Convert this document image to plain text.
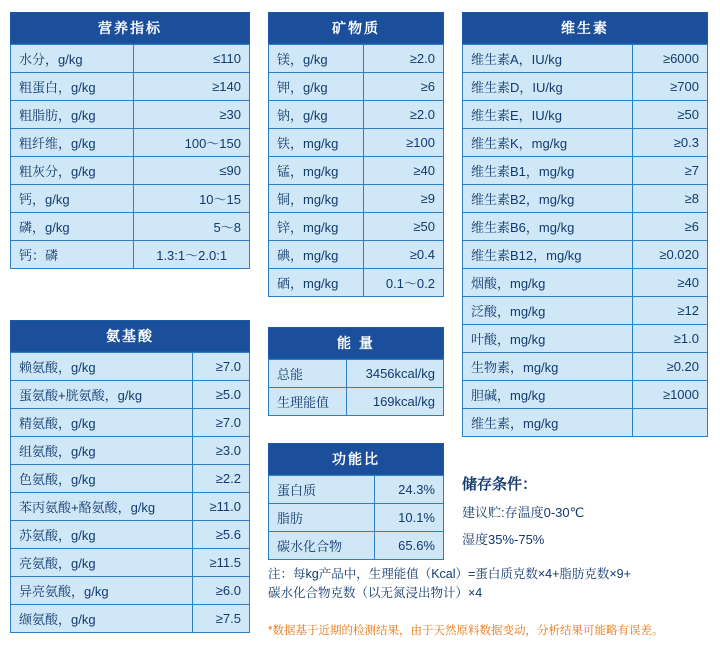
营养指标
水分，g/kg	≤110
粗蛋白，g/kg	≥140
粗脂肪，g/kg	≥30
粗纤维，g/kg	100～150
粗灰分，g/kg	≤90
钙，g/kg	10～15
磷，g/kg	5～8
钙：磷	1.3:1～2.0:1
氨基酸
赖氨酸，g/kg	≥7.0
蛋氨酸+胱氨酸，g/kg	≥5.0
精氨酸，g/kg	≥7.0
组氨酸，g/kg	≥3.0
色氨酸，g/kg	≥2.2
苯丙氨酸+酪氨酸，g/kg	≥11.0
苏氨酸，g/kg	≥5.6
亮氨酸，g/kg	≥11.5
异亮氨酸，g/kg	≥6.0
缬氨酸，g/kg	≥7.5
矿物质
镁，g/kg	≥2.0
钾，g/kg	≥6
钠，g/kg	≥2.0
铁，mg/kg	≥100
锰，mg/kg	≥40
铜，mg/kg	≥9
锌，mg/kg	≥50
碘，mg/kg	≥0.4
硒，mg/kg	0.1～0.2
能 量
总能	3456kcal/kg
生理能值	169kcal/kg
功能比
蛋白质	24.3%
脂肪	10.1%
碳水化合物	65.6%
维生素
维生素A，IU/kg	≥6000
维生素D，IU/kg	≥700
维生素E，IU/kg	≥50
维生素K，mg/kg	≥0.3
维生素B1，mg/kg	≥7
维生素B2，mg/kg	≥8
维生素B6，mg/kg	≥6
维生素B12，mg/kg	≥0.020
烟酸，mg/kg	≥40
泛酸，mg/kg	≥12
叶酸，mg/kg	≥1.0
生物素，mg/kg	≥0.20
胆碱，mg/kg	≥1000
维生素，mg/kg	
储存条件：
建议贮:存温度0-30℃
湿度35%-75%
注：每kg产品中，生理能值（Kcal）=蛋白质克数×4+脂肪克数×9+
碳水化合物克数（以无氮浸出物计）×4
*数据基于近期的检测结果，由于天然原料数据变动，分析结果可能略有误差。
